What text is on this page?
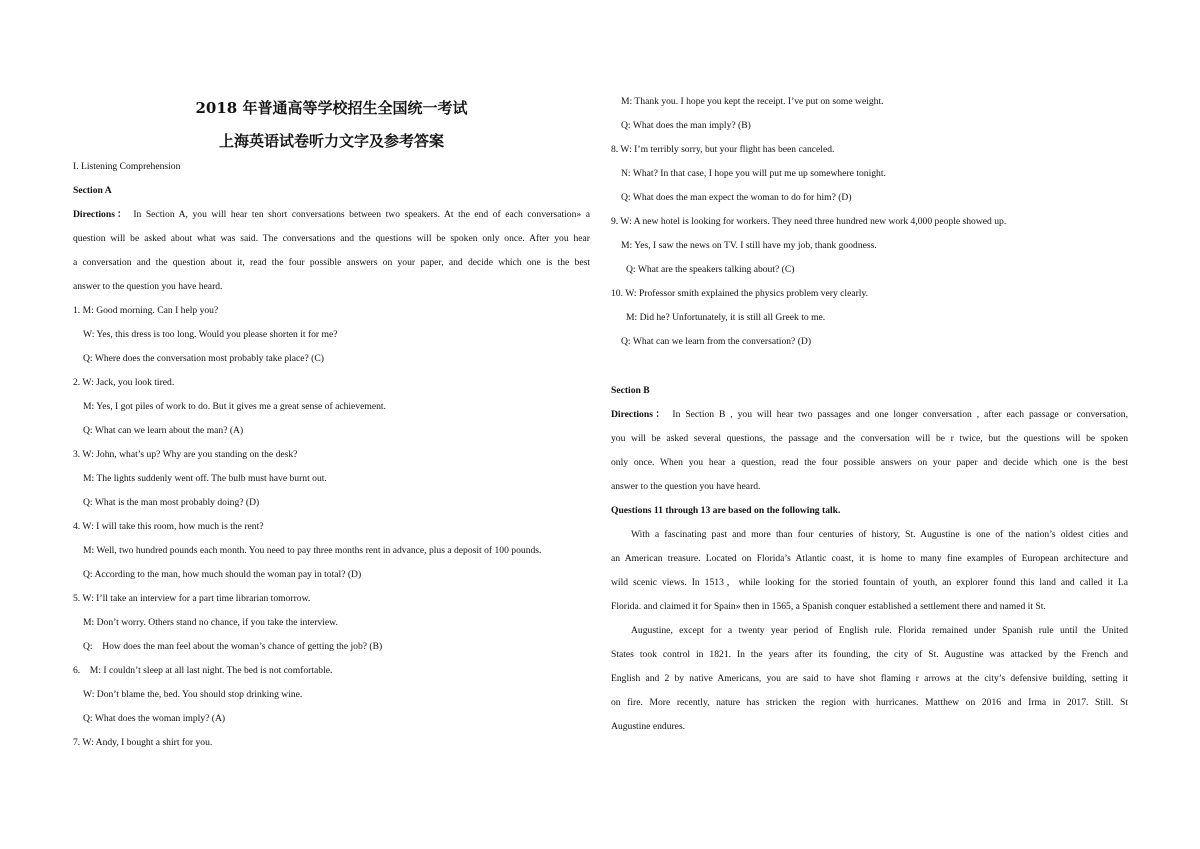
2018 年普通高等学校招生全国统一考试
上海英语试卷听力文字及参考答案
I. Listening Comprehension
Section A
Directions： In Section A, you will hear ten short conversations between two speakers. At the end of each conversation» a
question will be asked about what was said. The conversations and the questions will be spoken only once. After you hear
a conversation and the question about it, read the four possible answers on your paper, and decide which one is the best
answer to the question you have heard.
1. M: Good morning. Can I help you?
W: Yes, this dress is too long. Would you please shorten it for me?
Q: Where does the conversation most probably take place? (C)
2. W: Jack, you look tired.
M: Yes, I got piles of work to do. But it gives me a great sense of achievement.
Q: What can we learn about the man? (A)
3. W: John, what’s up? Why are you standing on the desk?
M: The lights suddenly went off. The bulb must have burnt out.
Q: What is the man most probably doing? (D)
4. W: I will take this room, how much is the rent?
M: Well, two hundred pounds each month. You need to pay three months rent in advance, plus a deposit of 100 pounds.
Q: According to the man, how much should the woman pay in total? (D)
5. W: I’ll take an interview for a part time librarian tomorrow.
M: Don’t worry. Others stand no chance, if you take the interview.
Q:    How does the man feel about the woman’s chance of getting the job? (B)
6.    M: I couldn’t sleep at all last night. The bed is not comfortable.
W: Don’t blame the, bed. You should stop drinking wine.
Q: What does the woman imply? (A)
7. W: Andy, I bought a shirt for you.
M: Thank you. I hope you kept the receipt. I’ve put on some weight.
Q: What does the man imply? (B)
8. W: I’m terribly sorry, but your flight has been canceled.
N: What? In that case, I hope you will put me up somewhere tonight.
Q: What does the man expect the woman to do for him? (D)
9. W: A new hotel is looking for workers. They need three hundred new work 4,000 people showed up.
M: Yes, I saw the news on TV. I still have my job, thank goodness.
Q: What are the speakers talking about? (C)
10. W: Professor smith explained the physics problem very clearly.
M: Did he? Unfortunately, it is still all Greek to me.
Q: What can we learn from the conversation? (D)
Section B
Directions： In Section B , you will hear two passages and one longer conversation , after each passage or conversation,
you will be asked several questions, the passage and the conversation will be r twice, but the questions will be spoken
only once. When you hear a question, read the four possible answers on your paper and decide which one is the best
answer to the question you have heard.
Questions 11 through 13 are based on the following talk.
With a fascinating past and more than four centuries of history, St. Augustine is one of the nation’s oldest cities and
an American treasure. Located on Florida’s Atlantic coast, it is home to many fine examples of European architecture and
wild scenic views. In 1513，while looking for the storied fountain of youth, an explorer found this land and called it La
Florida. and claimed it for Spain» then in 1565, a Spanish conquer established a settlement there and named it St.
Augustine, except for a twenty year period of English rule. Florida remained under Spanish rule until the United
States took control in 1821. In the years after its founding, the city of St. Augustine was attacked by the French and
English and 2 by native Americans, you are said to have shot flaming r arrows at the city’s defensive building, setting it
on fire. More recently, nature has stricken the region with hurricanes. Matthew on 2016 and Irma in 2017. Still. St
Augustine endures.
